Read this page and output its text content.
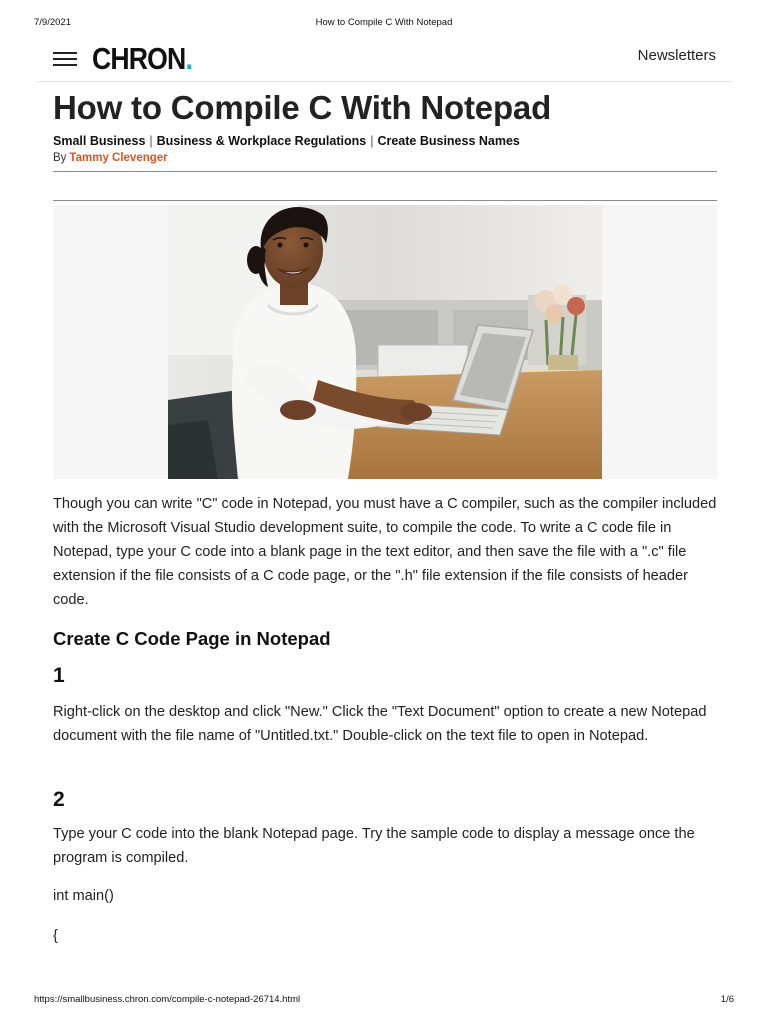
7/9/2021	How to Compile C With Notepad
CHRON.	Newsletters
How to Compile C With Notepad
Small Business | Business & Workplace Regulations | Create Business Names
By Tammy Clevenger

Though you can write "C" code in Notepad, you must have a C compiler, such as the compiler included with the Microsoft Visual Studio development suite, to compile the code. To write a C code file in Notepad, type your C code into a blank page in the text editor, and then save the file with a ".c" file extension if the file consists of a C code page, or the ".h" file extension if the file consists of header code.

Create C Code Page in Notepad
1

Right-click on the desktop and click "New." Click the "Text Document" option to create a new Notepad document with the file name of "Untitled.txt." Double-click on the text file to open in Notepad.

2

Type your C code into the blank Notepad page. Try the sample code to display a message once the program is compiled.

int main()

{

https://smallbusiness.chron.com/compile-c-notepad-26714.html	1/6
